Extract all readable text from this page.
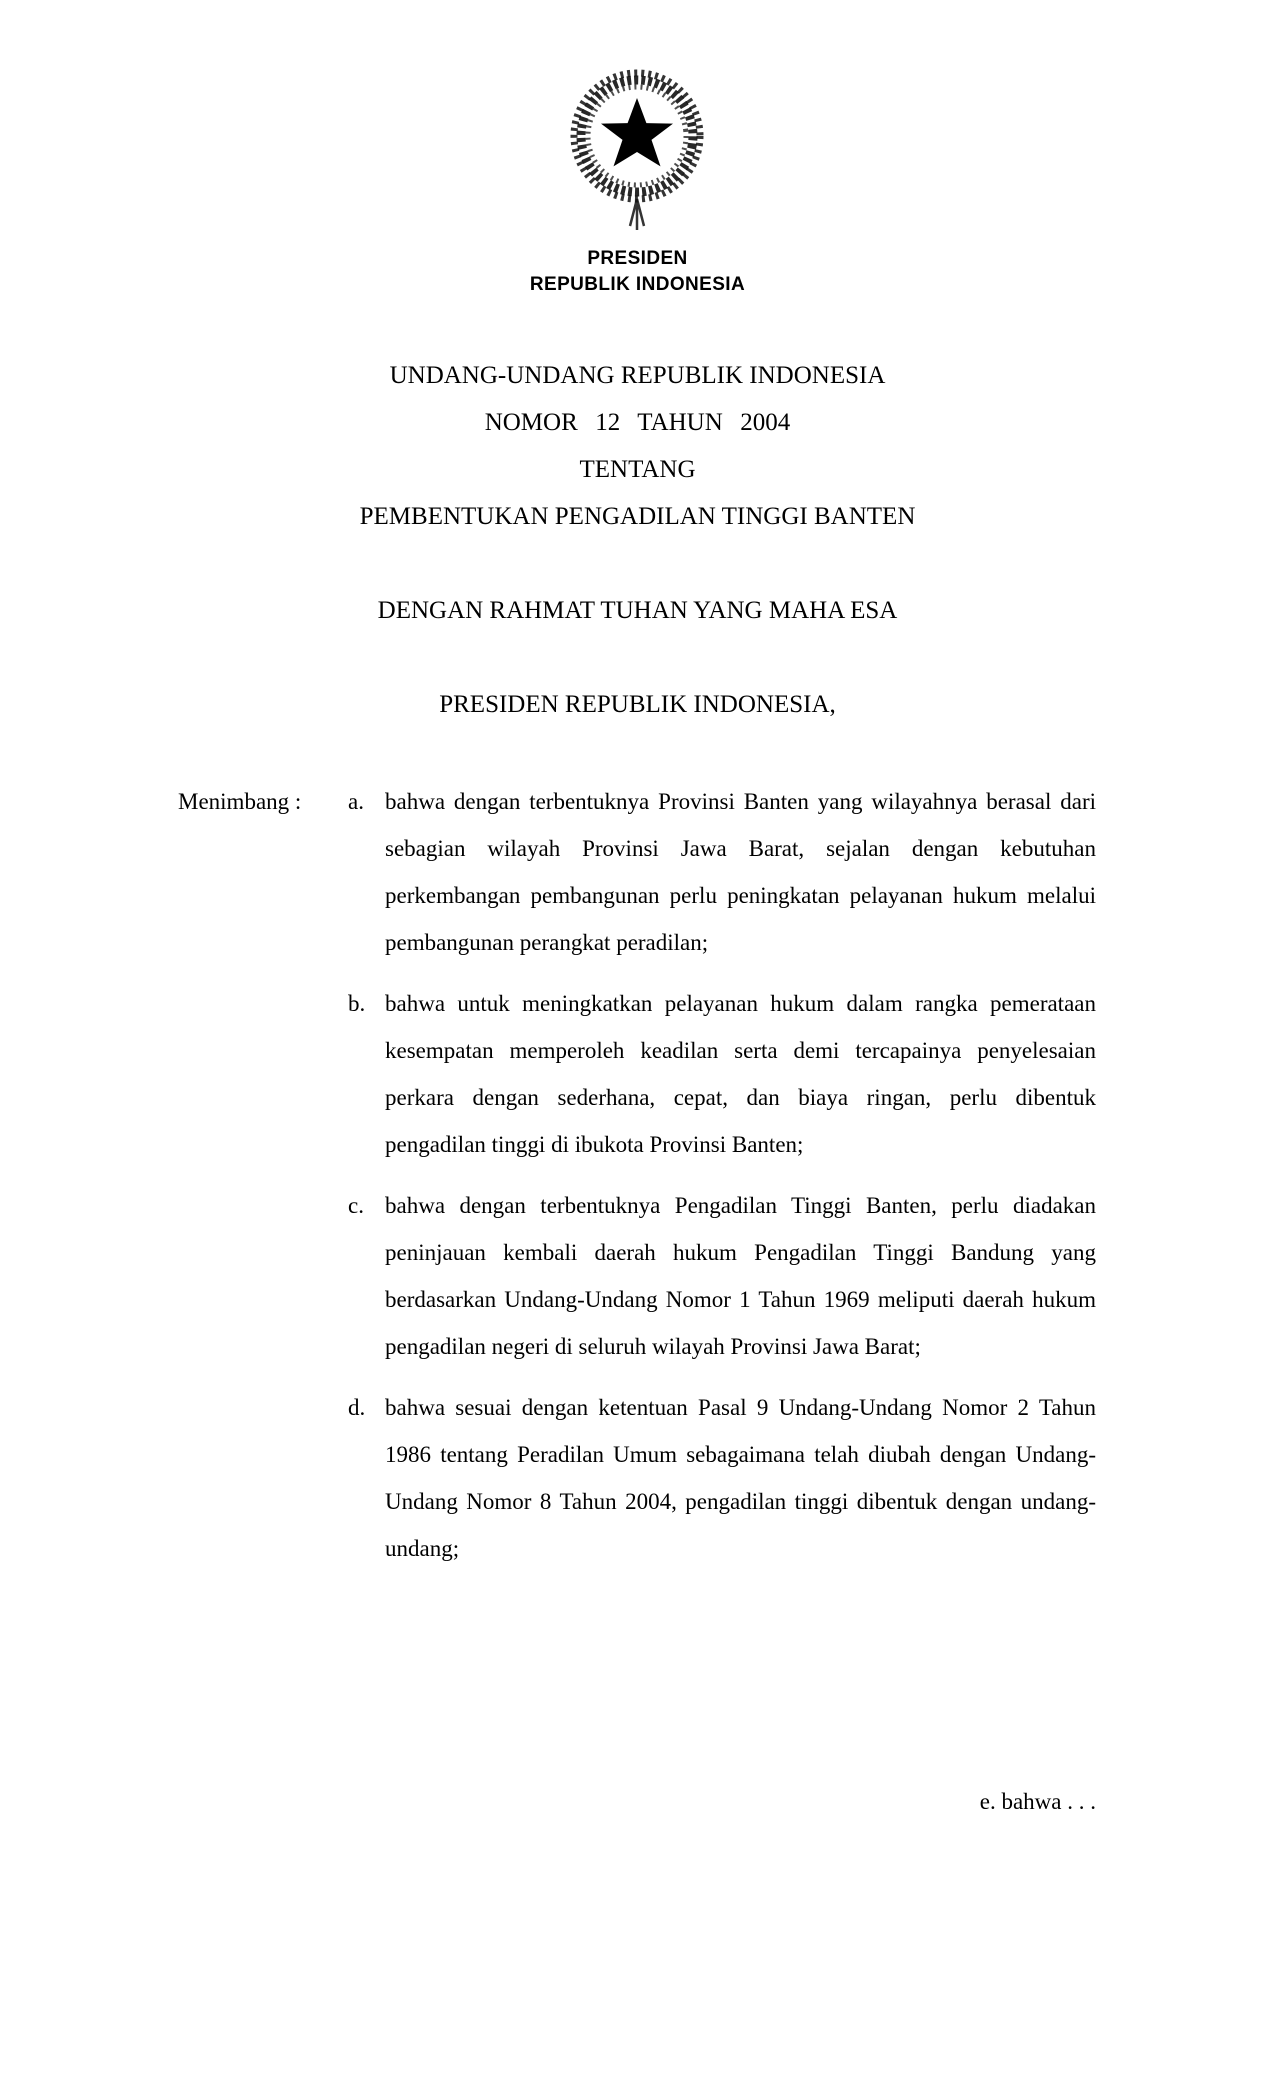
PRESIDEN
REPUBLIK INDONESIA
UNDANG-UNDANG REPUBLIK INDONESIA
NOMOR 12 TAHUN 2004
TENTANG
PEMBENTUKAN PENGADILAN TINGGI BANTEN
DENGAN RAHMAT TUHAN YANG MAHA ESA
PRESIDEN REPUBLIK INDONESIA,
Menimbang :	a. bahwa dengan terbentuknya Provinsi Banten yang wilayahnya berasal dari sebagian wilayah Provinsi Jawa Barat, sejalan dengan kebutuhan perkembangan pembangunan perlu peningkatan pelayanan hukum melalui pembangunan perangkat peradilan;
b. bahwa untuk meningkatkan pelayanan hukum dalam rangka pemerataan kesempatan memperoleh keadilan serta demi tercapainya penyelesaian perkara dengan sederhana, cepat, dan biaya ringan, perlu dibentuk pengadilan tinggi di ibukota Provinsi Banten;
c. bahwa dengan terbentuknya Pengadilan Tinggi Banten, perlu diadakan peninjauan kembali daerah hukum Pengadilan Tinggi Bandung yang berdasarkan Undang-Undang Nomor 1 Tahun 1969 meliputi daerah hukum pengadilan negeri di seluruh wilayah Provinsi Jawa Barat;
d. bahwa sesuai dengan ketentuan Pasal 9 Undang-Undang Nomor 2 Tahun 1986 tentang Peradilan Umum sebagaimana telah diubah dengan Undang-Undang Nomor 8 Tahun 2004, pengadilan tinggi dibentuk dengan undang-undang;
e. bahwa . . .
